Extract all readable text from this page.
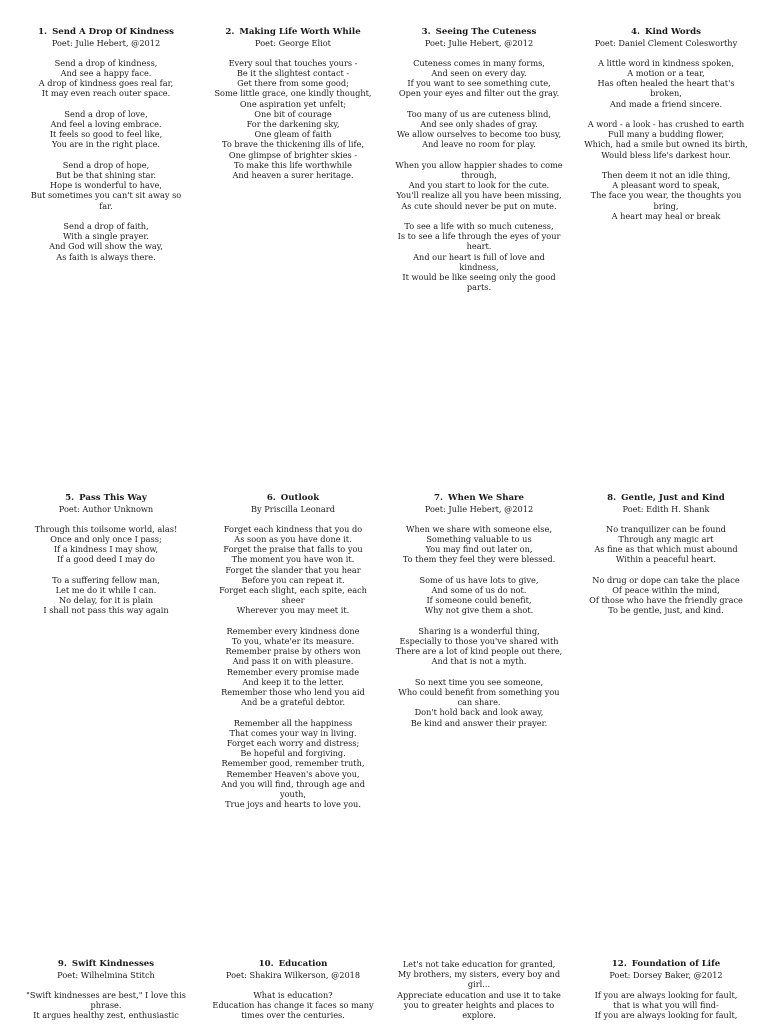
1. Send A Drop Of Kindness
Poet: Julie Hebert, @2012
Send a drop of kindness,
And see a happy face.
A drop of kindness goes real far,
It may even reach outer space.
Send a drop of love,
And feel a loving embrace.
It feels so good to feel like,
You are in the right place.
Send a drop of hope,
But be that shining star.
Hope is wonderful to have,
But sometimes you can't sit away so far.
Send a drop of faith,
With a single prayer.
And God will show the way,
As faith is always there.
2. Making Life Worth While
Poet: George Eliot
Every soul that touches yours -
Be it the slightest contact -
Get there from some good;
Some little grace, one kindly thought,
One aspiration yet unfelt;
One bit of courage
For the darkening sky,
One gleam of faith
To brave the thickening ills of life,
One glimpse of brighter skies -
To make this life worthwhile
And heaven a surer heritage.
3. Seeing The Cuteness
Poet: Julie Hebert, @2012
Cuteness comes in many forms,
And seen on every day.
If you want to see something cute,
Open your eyes and filter out the gray.
Too many of us are cuteness blind,
And see only shades of gray.
We allow ourselves to become too busy,
And leave no room for play.
When you allow happier shades to come through,
And you start to look for the cute.
You'll realize all you have been missing,
As cute should never be put on mute.
To see a life with so much cuteness,
Is to see a life through the eyes of your heart.
And our heart is full of love and kindness,
It would be like seeing only the good parts.
4. Kind Words
Poet: Daniel Clement Colesworthy
A little word in kindness spoken,
A motion or a tear,
Has often healed the heart that's broken,
And made a friend sincere.
A word - a look - has crushed to earth
Full many a budding flower,
Which, had a smile but owned its birth,
Would bless life's darkest hour.
Then deem it not an idle thing,
A pleasant word to speak,
The face you wear, the thoughts you bring,
A heart may heal or break
5. Pass This Way
Poet: Author Unknown
Through this toilsome world, alas!
Once and only once I pass;
If a kindness I may show,
If a good deed I may do
To a suffering fellow man,
Let me do it while I can.
No delay, for it is plain
I shall not pass this way again
6. Outlook
By Priscilla Leonard
Forget each kindness that you do
As soon as you have done it.
Forget the praise that falls to you
The moment you have won it.
Forget the slander that you hear
Before you can repeat it.
Forget each slight, each spite, each sheer
Wherever you may meet it.
Remember every kindness done
To you, whate'er its measure.
Remember praise by others won
And pass it on with pleasure.
Remember every promise made
And keep it to the letter.
Remember those who lend you aid
And be a grateful debtor.
Remember all the happiness
That comes your way in living.
Forget each worry and distress;
Be hopeful and forgiving.
Remember good, remember truth,
Remember Heaven's above you,
And you will find, through age and youth,
True joys and hearts to love you.
7. When We Share
Poet: Julie Hebert, @2012
When we share with someone else,
Something valuable to us
You may find out later on,
To them they feel they were blessed.
Some of us have lots to give,
And some of us do not.
If someone could benefit,
Why not give them a shot.
Sharing is a wonderful thing,
Especially to those you've shared with
There are a lot of kind people out there,
And that is not a myth.
So next time you see someone,
Who could benefit from something you can share.
Don't hold back and look away,
Be kind and answer their prayer.
8. Gentle, Just and Kind
Poet: Edith H. Shank
No tranquilizer can be found
Through any magic art
As fine as that which must abound
Within a peaceful heart.
No drug or dope can take the place
Of peace within the mind,
Of those who have the friendly grace
To be gentle, just, and kind.
9. Swift Kindnesses
Poet: Wilhelmina Stitch
"Swift kindnesses are best," I love this phrase.
It argues healthy zest, enthusiastic
10. Education
Poet: Shakira Wilkerson, @2018
What is education?
Education has change it faces so many times over the centuries.
Let's not take education for granted,
My brothers, my sisters, every boy and girl...
Appreciate education and use it to take you to greater heights and places to explore.
12. Foundation of Life
Poet: Dorsey Baker, @2012
If you are always looking for fault,
that is what you will find-
If you are always looking for fault,
